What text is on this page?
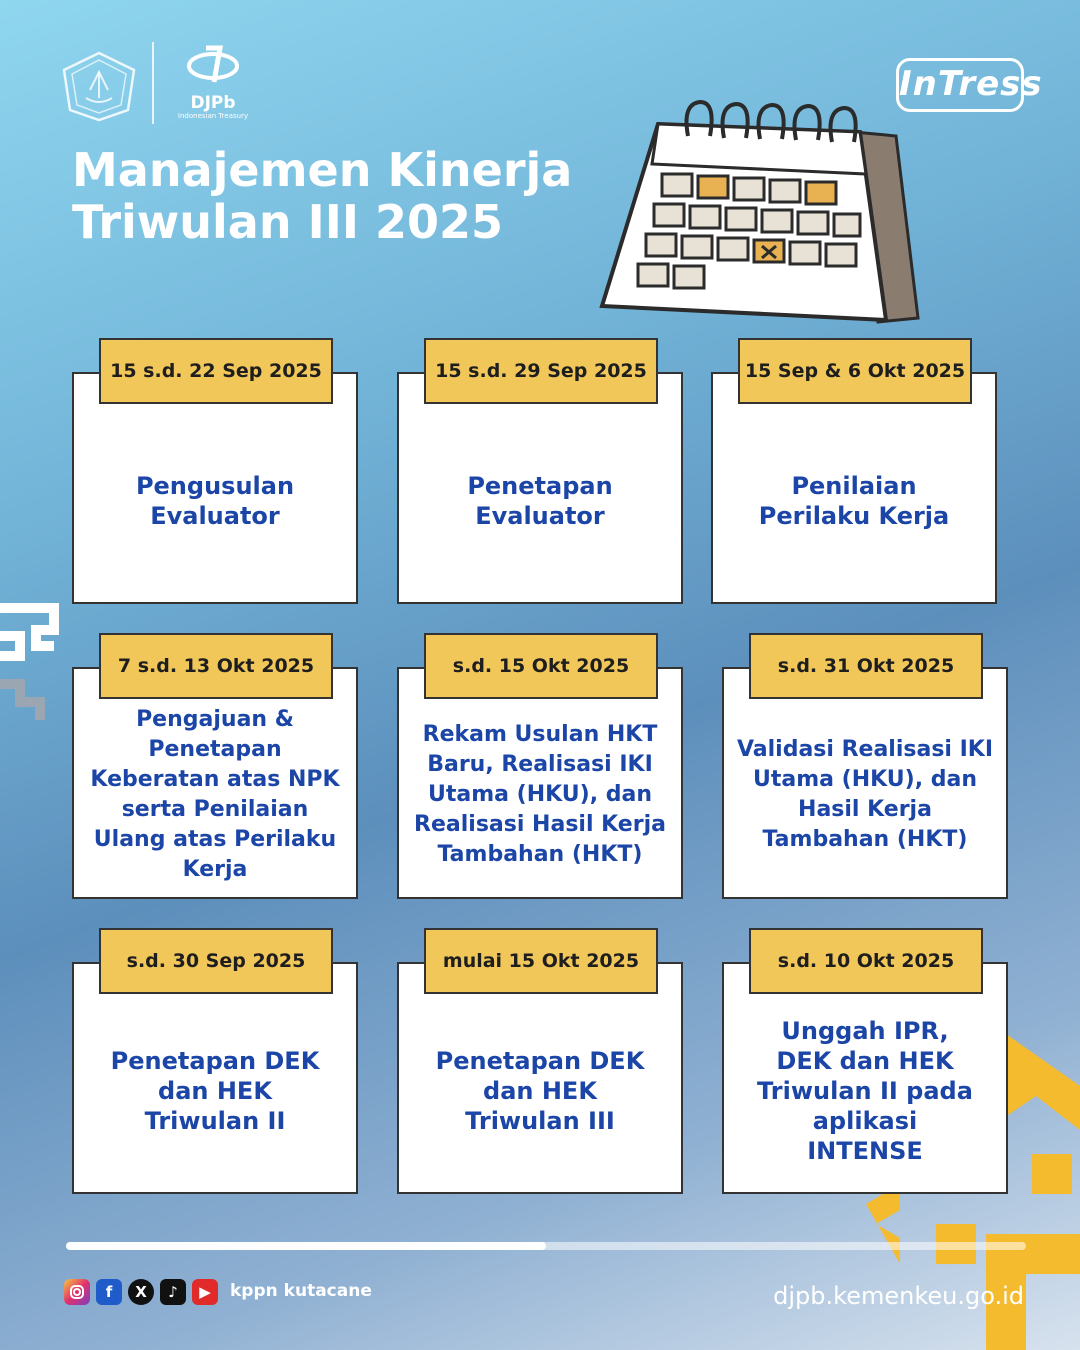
DJPb
Indonesian Treasury
InTress
Manajemen Kinerja
Triwulan III 2025
15 s.d. 22 Sep 2025
Pengusulan
Evaluator
15 s.d. 29 Sep 2025
Penetapan
Evaluator
15 Sep & 6 Okt 2025
Penilaian
Perilaku Kerja
7 s.d. 13 Okt 2025
Pengajuan &
Penetapan
Keberatan atas NPK
serta Penilaian
Ulang atas Perilaku
Kerja
s.d. 15 Okt 2025
Rekam Usulan HKT
Baru, Realisasi IKI
Utama (HKU), dan
Realisasi Hasil Kerja
Tambahan (HKT)
s.d. 31 Okt 2025
Validasi Realisasi IKI
Utama (HKU), dan
Hasil Kerja
Tambahan (HKT)
s.d. 30 Sep 2025
Penetapan DEK
dan HEK
Triwulan II
mulai 15 Okt 2025
Penetapan DEK
dan HEK
Triwulan III
s.d. 10 Okt 2025
Unggah IPR,
DEK dan HEK
Triwulan II pada
aplikasi
INTENSE
f	X	♪	▶	kppn kutacane	djpb.kemenkeu.go.id
